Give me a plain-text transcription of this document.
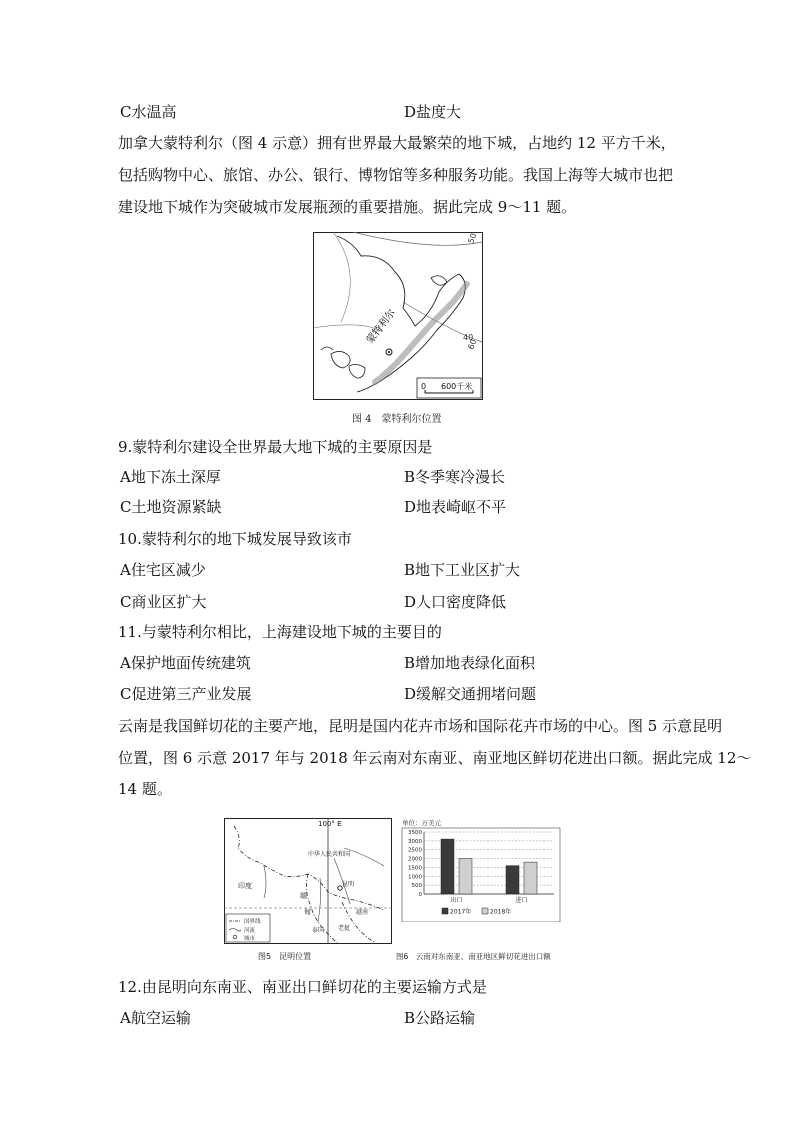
C水温高	D盐度大
加拿大蒙特利尔（图 4 示意）拥有世界最大最繁荣的地下城，占地约 12 平方千米，包括购物中心、旅馆、办公、银行、博物馆等多种服务功能。我国上海等大城市也把建设地下城作为突破城市发展瓶颈的重要措施。据此完成 9～11 题。
蒙特利尔
50
60
40
0 600千米
图 4　蒙特利尔位置
9.蒙特利尔建设全世界最大地下城的主要原因是
A地下冻土深厚	B冬季寒冷漫长
C土地资源紧缺	D地表崎岖不平
10.蒙特利尔的地下城发展导致该市
A住宅区减少	B地下工业区扩大
C商业区扩大	D人口密度降低
11.与蒙特利尔相比，上海建设地下城的主要目的
A保护地面传统建筑	B增加地表绿化面积
C促进第三产业发展	D缓解交通拥堵问题
云南是我国鲜切花的主要产地，昆明是国内花卉市场和国际花卉市场的中心。图 5 示意昆明
位置，图 6 示意 2017 年与 2018 年云南对东南亚、南亚地区鲜切花进出口额。据此完成 12～
14 题。
100° E
中华人民共和国
印度
缅
甸
昆明
泰国 老挝
越南
国界线
河流
城市
图5　昆明位置
单位：万美元
0
500
1000
1500
2000
2500
3000
3500
出口	进口
2017年	2018年
图6　云南对东南亚、南亚地区鲜切花进出口额
12.由昆明向东南亚、南亚出口鲜切花的主要运输方式是
A航空运输	B公路运输
